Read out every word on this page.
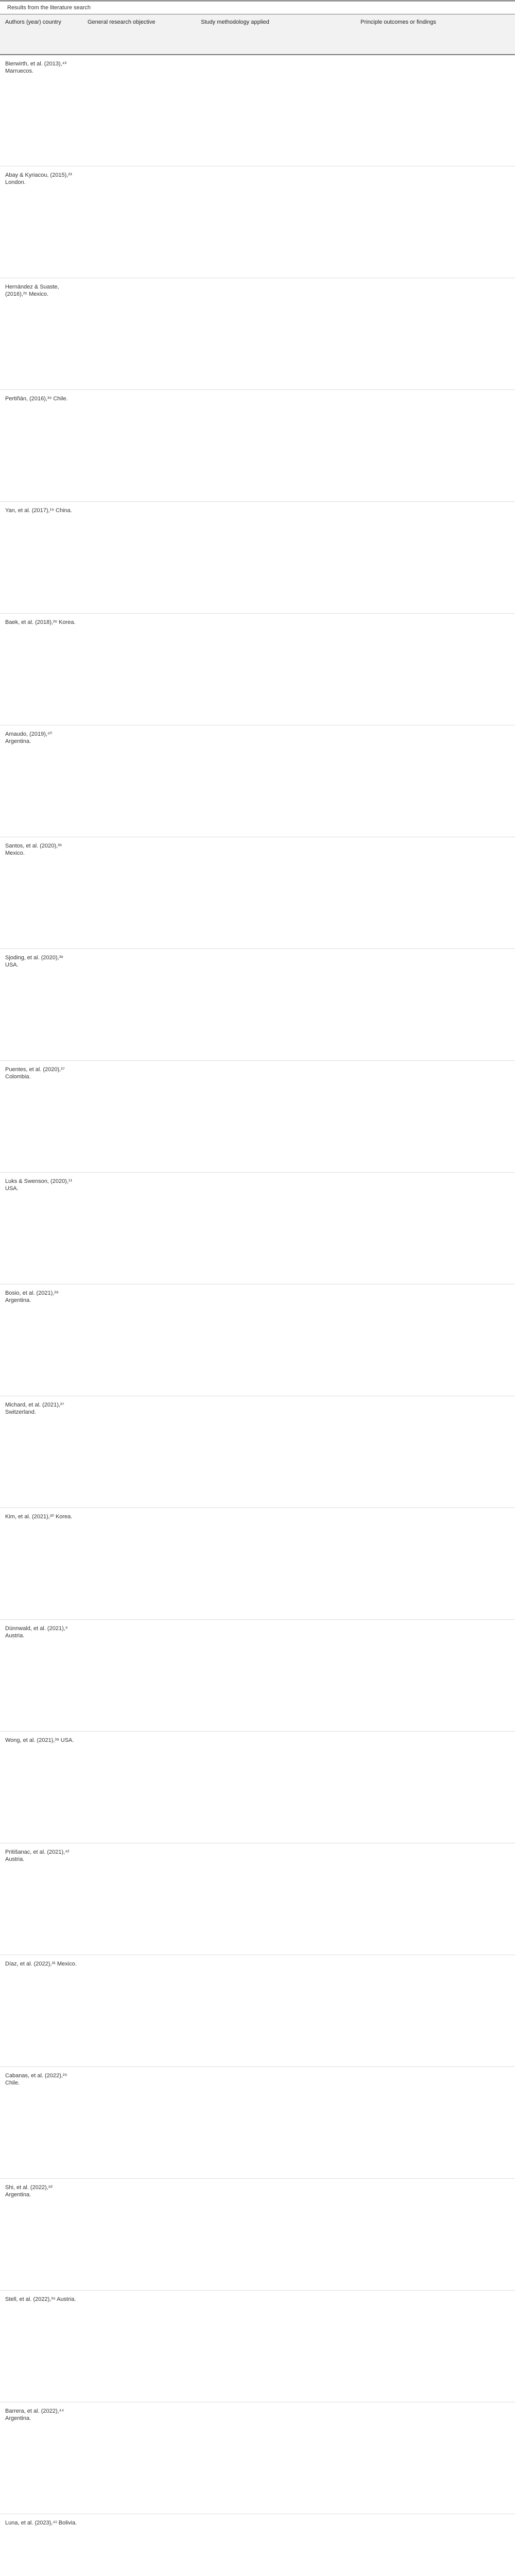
Results from the literature search
Authors (year) country	General research objective	Study methodology applied	Principle outcomes or findings
Bierwirth, et al. (2013),⁴³ Marruecos.			
Abay & Kyriacou, (2015),²³ London.			
Hernández & Suaste, (2016),²⁵ Mexico.			
Pertiñán, (2016),³⁹ Chile.			
Yan, et al. (2017),¹⁹ China.			
Baek, et al. (2018),²⁶ Korea.			
Amaudo, (2019),⁴⁰ Argentina.			
Santos, et al. (2020),³⁶ Mexico.			
Sjoding, et al. (2020),³⁸ USA.			
Puentes, et al. (2020),²⁷ Colombia.			
Luks & Swenson, (2020),¹¹ USA.			
Bosio, et al. (2021),²⁸ Argentina.			
Michard, et al. (2021),²⁷ Switzerland.			
Kim, et al. (2021),³⁰ Korea.			
Dünnwald, et al. (2021),⁹ Austria.			
Wong, et al. (2021),³⁸ USA.			
Pritišanac, et al. (2021),⁴² Austria.			
Díaz, et al. (2022),³¹ Mexico.			
Cabanas, et al. (2022),²⁹ Chile.			
Shi, et al. (2022),⁸² Argentina.			
Stell, et al. (2022),³⁴ Austria.			
Barrera, et al. (2022),⁴⁴ Argentina.			
Luna, et al. (2023),⁴¹ Bolivia.			
